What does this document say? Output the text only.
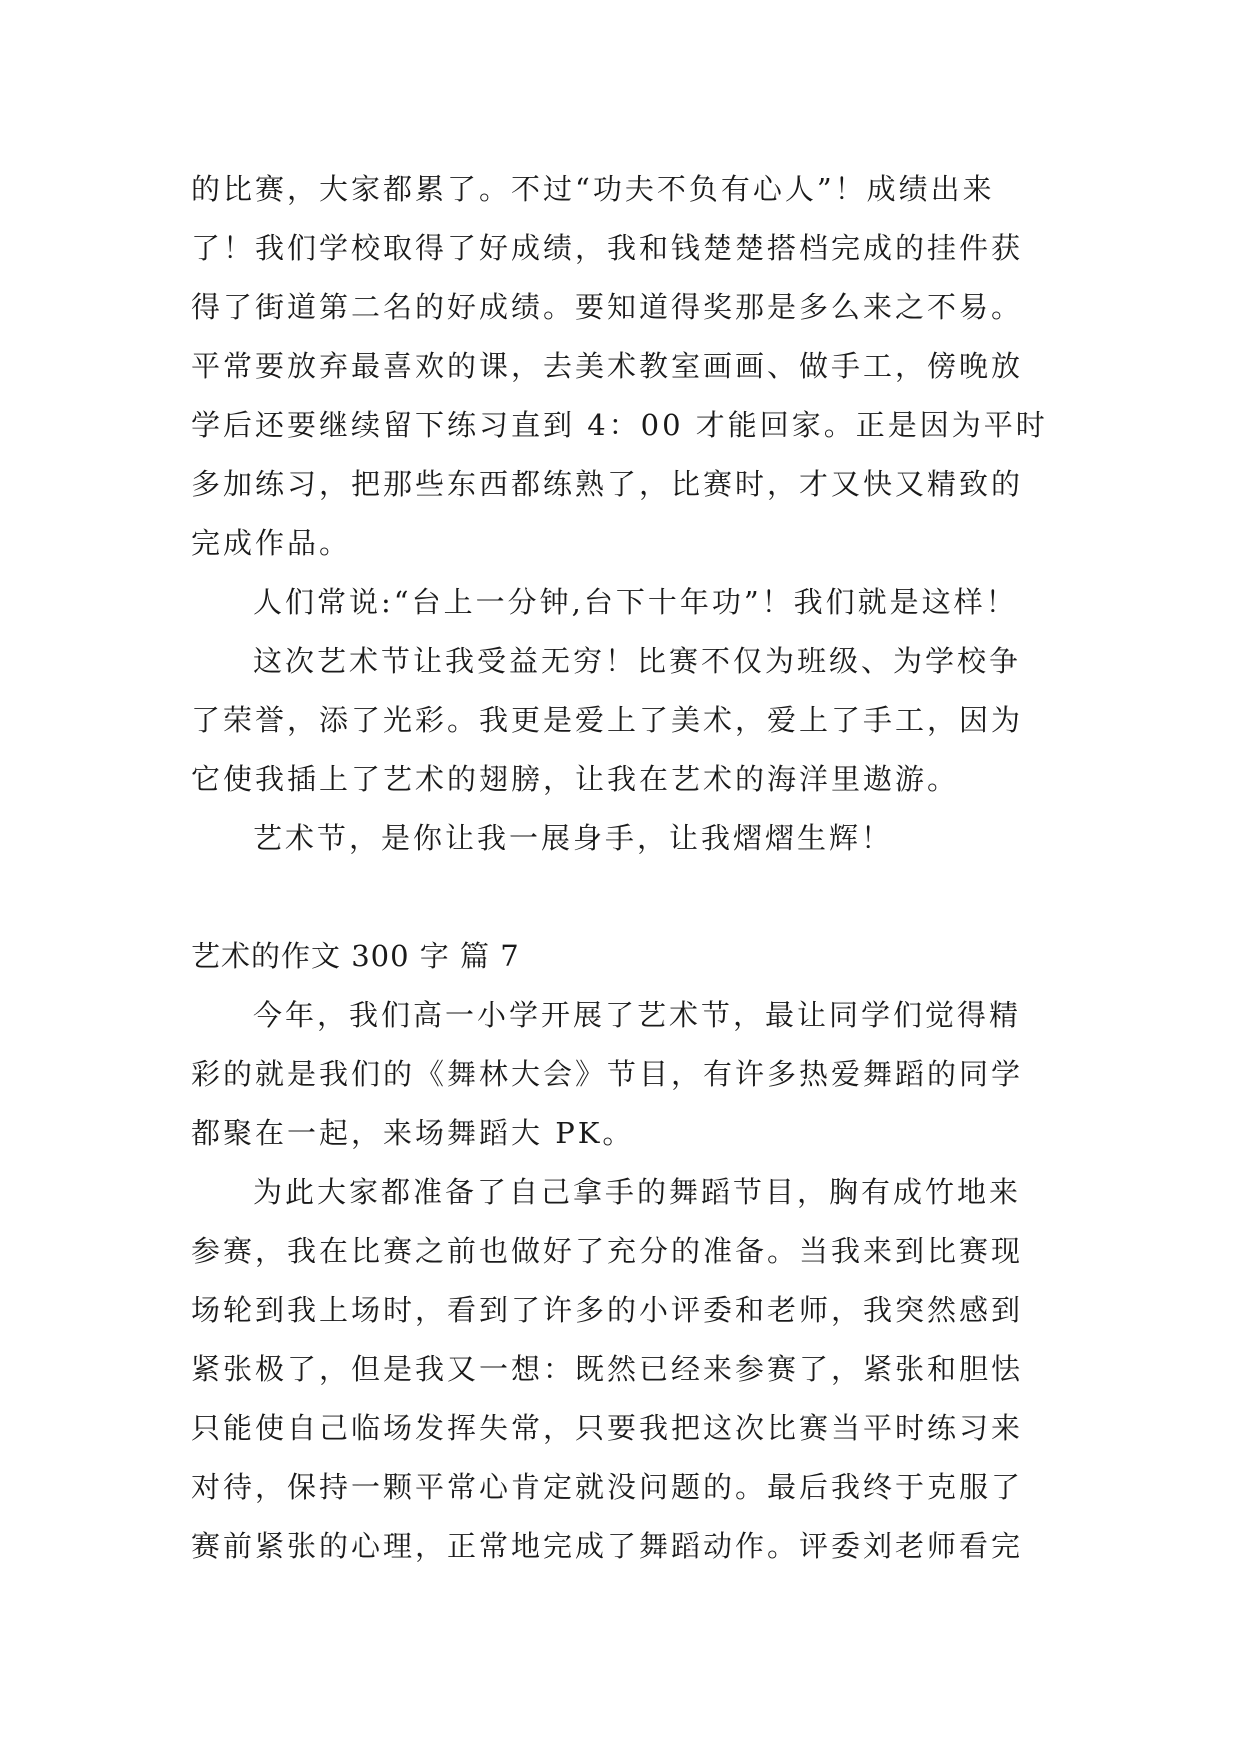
的比赛，大家都累了。不过“功夫不负有心人”！成绩出来
了！我们学校取得了好成绩，我和钱楚楚搭档完成的挂件获
得了街道第二名的好成绩。要知道得奖那是多么来之不易。
平常要放弃最喜欢的课，去美术教室画画、做手工，傍晚放
学后还要继续留下练习直到 4：00 才能回家。正是因为平时
多加练习，把那些东西都练熟了，比赛时，才又快又精致的
完成作品。
人们常说:“台上一分钟,台下十年功”！我们就是这样！
这次艺术节让我受益无穷！比赛不仅为班级、为学校争
了荣誉，添了光彩。我更是爱上了美术，爱上了手工，因为
它使我插上了艺术的翅膀，让我在艺术的海洋里遨游。
艺术节，是你让我一展身手，让我熠熠生辉！
艺术的作文 300 字 篇 7
今年，我们高一小学开展了艺术节，最让同学们觉得精
彩的就是我们的《舞林大会》节目，有许多热爱舞蹈的同学
都聚在一起，来场舞蹈大 PK。
为此大家都准备了自己拿手的舞蹈节目，胸有成竹地来
参赛，我在比赛之前也做好了充分的准备。当我来到比赛现
场轮到我上场时，看到了许多的小评委和老师，我突然感到
紧张极了，但是我又一想：既然已经来参赛了，紧张和胆怯
只能使自己临场发挥失常，只要我把这次比赛当平时练习来
对待，保持一颗平常心肯定就没问题的。最后我终于克服了
赛前紧张的心理，正常地完成了舞蹈动作。评委刘老师看完
